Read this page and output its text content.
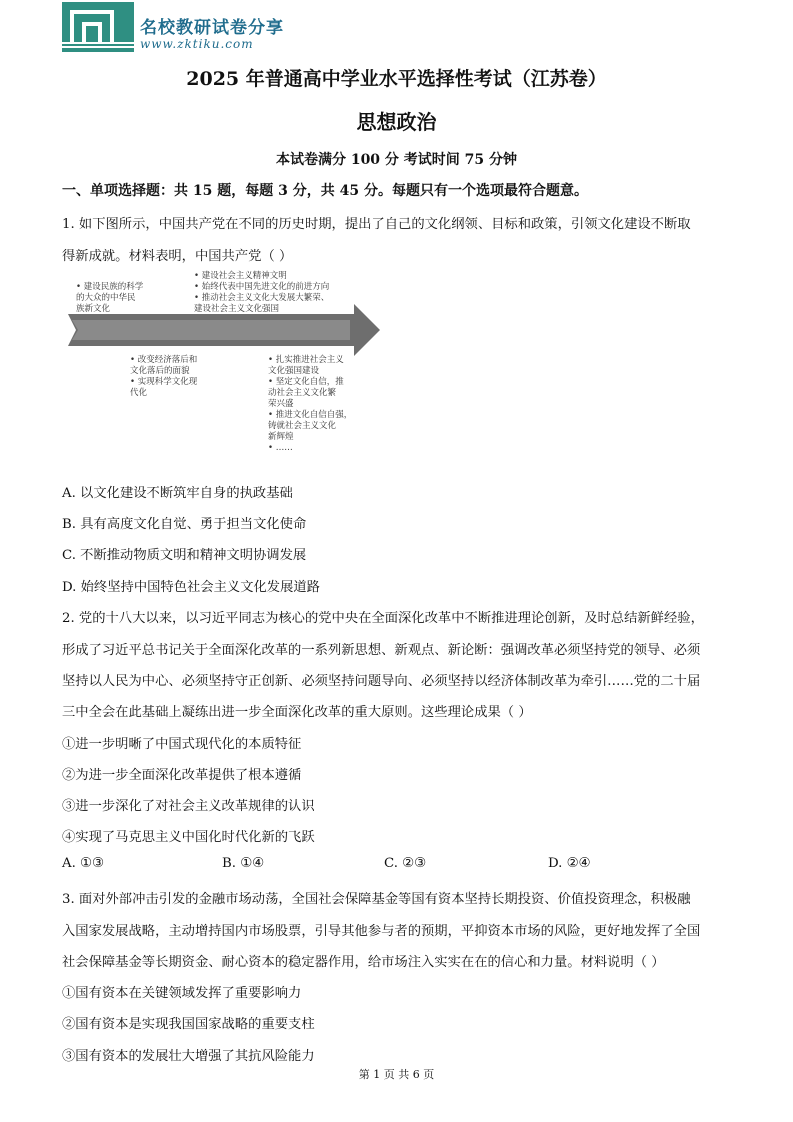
名校教研试卷分享
www.zktiku.com
2025 年普通高中学业水平选择性考试（江苏卷）
思想政治
本试卷满分 100 分 考试时间 75 分钟
一、单项选择题：共 15 题，每题 3 分，共 45 分。每题只有一个选项最符合题意。
1. 如下图所示，中国共产党在不同的历史时期，提出了自己的文化纲领、目标和政策，引领文化建设不断取
得新成就。材料表明，中国共产党（ ）
• 建设民族的科学
的大众的中华民
族新文化
• 建设社会主义精神文明
• 始终代表中国先进文化的前进方向
• 推动社会主义文化大发展大繁荣、
建设社会主义文化强国
• 改变经济落后和
文化落后的面貌
• 实现科学文化现
代化
• 扎实推进社会主义
文化强国建设
• 坚定文化自信，推
动社会主义文化繁
荣兴盛
• 推进文化自信自强，
铸就社会主义文化
新辉煌
• ……
A. 以文化建设不断筑牢自身的执政基础
B. 具有高度文化自觉、勇于担当文化使命
C. 不断推动物质文明和精神文明协调发展
D. 始终坚持中国特色社会主义文化发展道路
2. 党的十八大以来，以习近平同志为核心的党中央在全面深化改革中不断推进理论创新，及时总结新鲜经验，
形成了习近平总书记关于全面深化改革的一系列新思想、新观点、新论断：强调改革必须坚持党的领导、必须
坚持以人民为中心、必须坚持守正创新、必须坚持问题导向、必须坚持以经济体制改革为牵引……党的二十届
三中全会在此基础上凝练出进一步全面深化改革的重大原则。这些理论成果（ ）
①进一步明晰了中国式现代化的本质特征
②为进一步全面深化改革提供了根本遵循
③进一步深化了对社会主义改革规律的认识
④实现了马克思主义中国化时代化新的飞跃
A. ①③	B. ①④	C. ②③	D. ②④
3. 面对外部冲击引发的金融市场动荡，全国社会保障基金等国有资本坚持长期投资、价值投资理念，积极融
入国家发展战略，主动增持国内市场股票，引导其他参与者的预期，平抑资本市场的风险，更好地发挥了全国
社会保障基金等长期资金、耐心资本的稳定器作用，给市场注入实实在在的信心和力量。材料说明（ ）
①国有资本在关键领域发挥了重要影响力
②国有资本是实现我国国家战略的重要支柱
③国有资本的发展壮大增强了其抗风险能力
第 1 页 共 6 页
